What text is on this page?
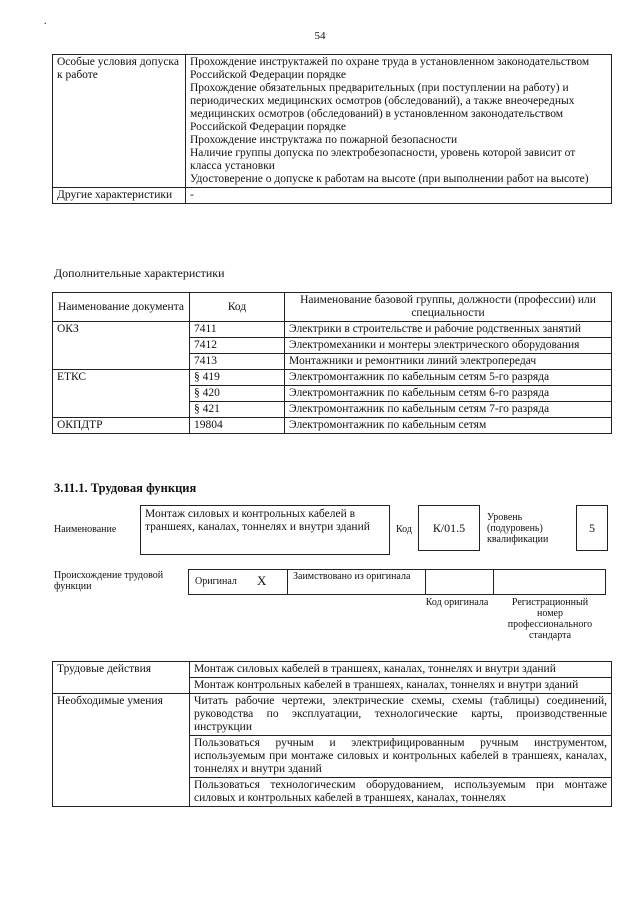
.
54
Особые условия допуска к работе	Прохождение инструктажей по охране труда в установленном законодательством Российской Федерации порядке
Прохождение обязательных предварительных (при поступлении на работу) и периодических медицинских осмотров (обследований), а также внеочередных медицинских осмотров (обследований) в установленном законодательством Российской Федерации порядке
Прохождение инструктажа по пожарной безопасности
Наличие группы допуска по электробезопасности, уровень которой зависит от класса установки
Удостоверение о допуске к работам на высоте (при выполнении работ на высоте)

Другие характеристики	-
Дополнительные характеристики
Наименование документа	Код	Наименование базовой группы, должности (профессии) или специальности
ОКЗ	7411	Электрики в строительстве и рабочие родственных занятий
	7412	Электромеханики и монтеры электрического оборудования
	7413	Монтажники и ремонтники линий электропередач
ЕТКС	§ 419	Электромонтажник по кабельным сетям 5-го разряда
	§ 420	Электромонтажник по кабельным сетям 6-го разряда
	§ 421	Электромонтажник по кабельным сетям 7-го разряда
ОКПДТР	19804	Электромонтажник по кабельным сетям
3.11.1. Трудовая функция
Наименование
Монтаж силовых и контрольных кабелей в траншеях, каналах, тоннелях и внутри зданий	Код	К/01.5
Уровень (подуровень) квалификации
5
Происхождение трудовой функции	Оригинал X	Заимствовано из оригинала
Код оригинала	Регистрационный номер профессионального стандарта
Трудовые действия	Монтаж силовых кабелей в траншеях, каналах, тоннелях и внутри зданий
	Монтаж контрольных кабелей в траншеях, каналах, тоннелях и внутри зданий
Необходимые умения	Читать рабочие чертежи, электрические схемы, схемы (таблицы) соединений, руководства по эксплуатации, технологические карты, производственные инструкции
	Пользоваться ручным и электрифицированным ручным инструментом, используемым при монтаже силовых и контрольных кабелей в траншеях, каналах, тоннелях и внутри зданий
	Пользоваться технологическим оборудованием, используемым при монтаже силовых и контрольных кабелей в траншеях, каналах, тоннелях
